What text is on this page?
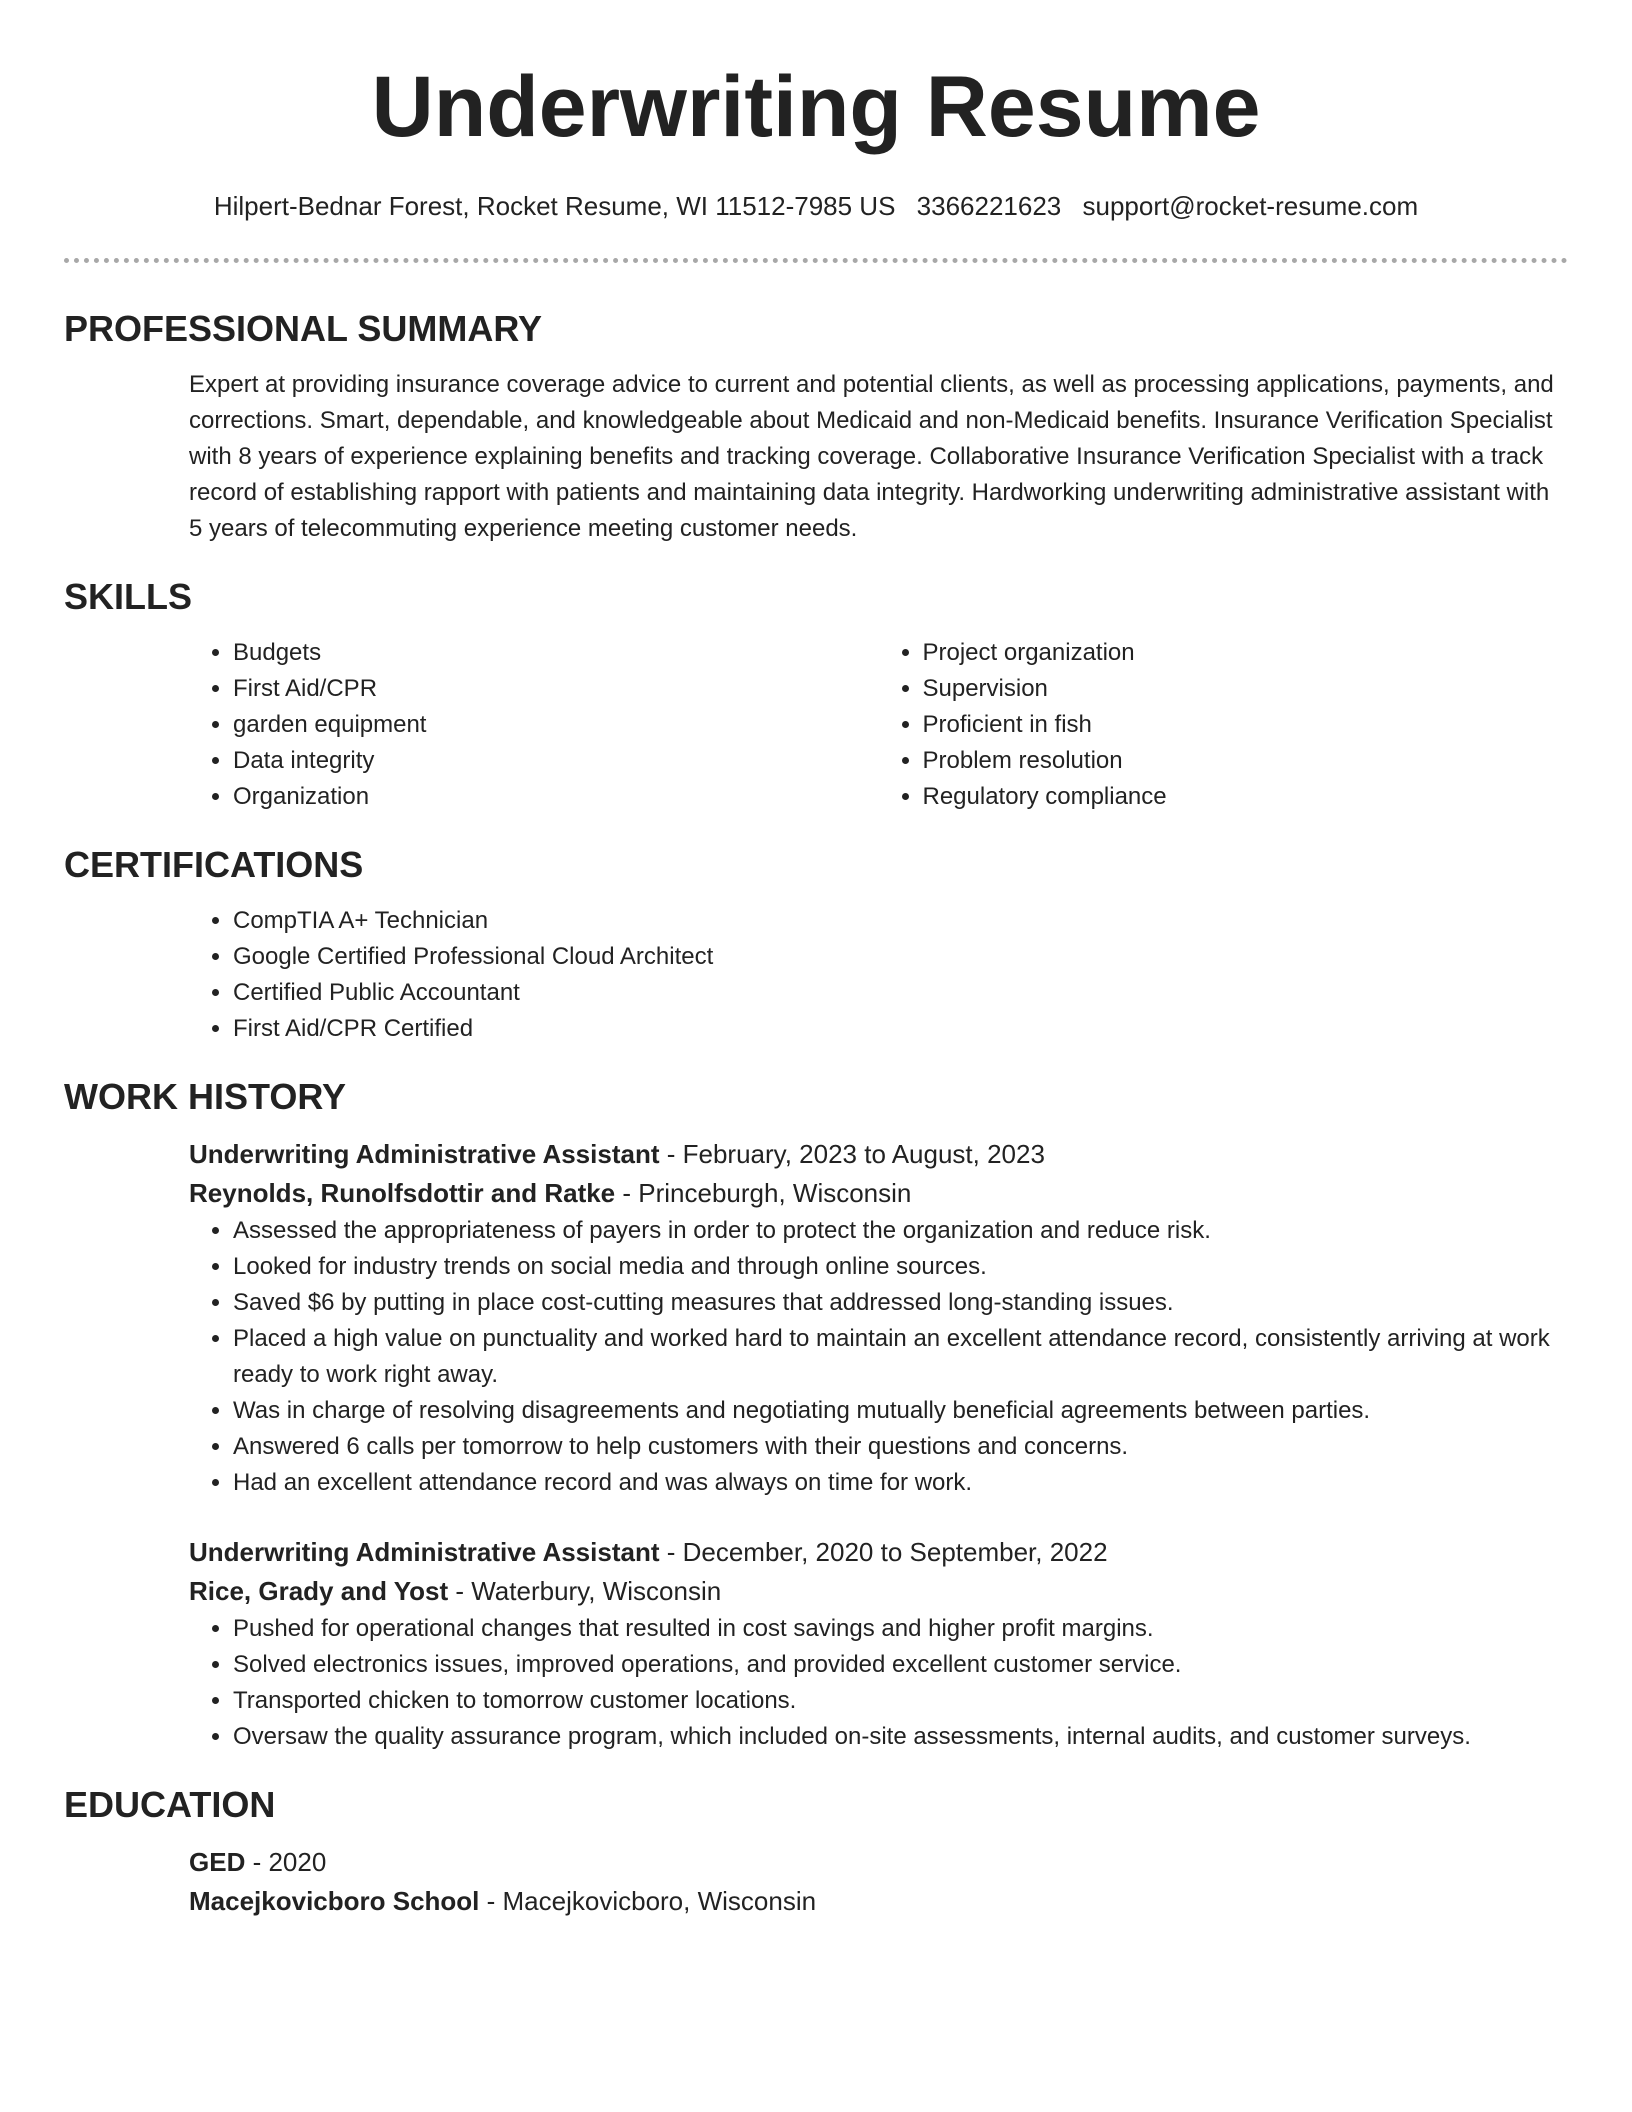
Underwriting Resume
Hilpert-Bednar Forest, Rocket Resume, WI 11512-7985 US 3366221623 support@rocket-resume.com
PROFESSIONAL SUMMARY

Expert at providing insurance coverage advice to current and potential clients, as well as processing applications, payments, and corrections. Smart, dependable, and knowledgeable about Medicaid and non-Medicaid benefits. Insurance Verification Specialist with 8 years of experience explaining benefits and tracking coverage. Collaborative Insurance Verification Specialist with a track record of establishing rapport with patients and maintaining data integrity. Hardworking underwriting administrative assistant with 5 years of telecommuting experience meeting customer needs.

SKILLS
• Budgets
• First Aid/CPR
• garden equipment
• Data integrity
• Organization
• Project organization
• Supervision
• Proficient in fish
• Problem resolution
• Regulatory compliance
CERTIFICATIONS
• CompTIA A+ Technician
• Google Certified Professional Cloud Architect
• Certified Public Accountant
• First Aid/CPR Certified
WORK HISTORY
Underwriting Administrative Assistant - February, 2023 to August, 2023
Reynolds, Runolfsdottir and Ratke - Princeburgh, Wisconsin
• Assessed the appropriateness of payers in order to protect the organization and reduce risk.
• Looked for industry trends on social media and through online sources.
• Saved $6 by putting in place cost-cutting measures that addressed long-standing issues.
• Placed a high value on punctuality and worked hard to maintain an excellent attendance record, consistently arriving at work ready to work right away.
• Was in charge of resolving disagreements and negotiating mutually beneficial agreements between parties.
• Answered 6 calls per tomorrow to help customers with their questions and concerns.
• Had an excellent attendance record and was always on time for work.
Underwriting Administrative Assistant - December, 2020 to September, 2022
Rice, Grady and Yost - Waterbury, Wisconsin
• Pushed for operational changes that resulted in cost savings and higher profit margins.
• Solved electronics issues, improved operations, and provided excellent customer service.
• Transported chicken to tomorrow customer locations.
• Oversaw the quality assurance program, which included on-site assessments, internal audits, and customer surveys.
EDUCATION
GED - 2020
Macejkovicboro School - Macejkovicboro, Wisconsin
